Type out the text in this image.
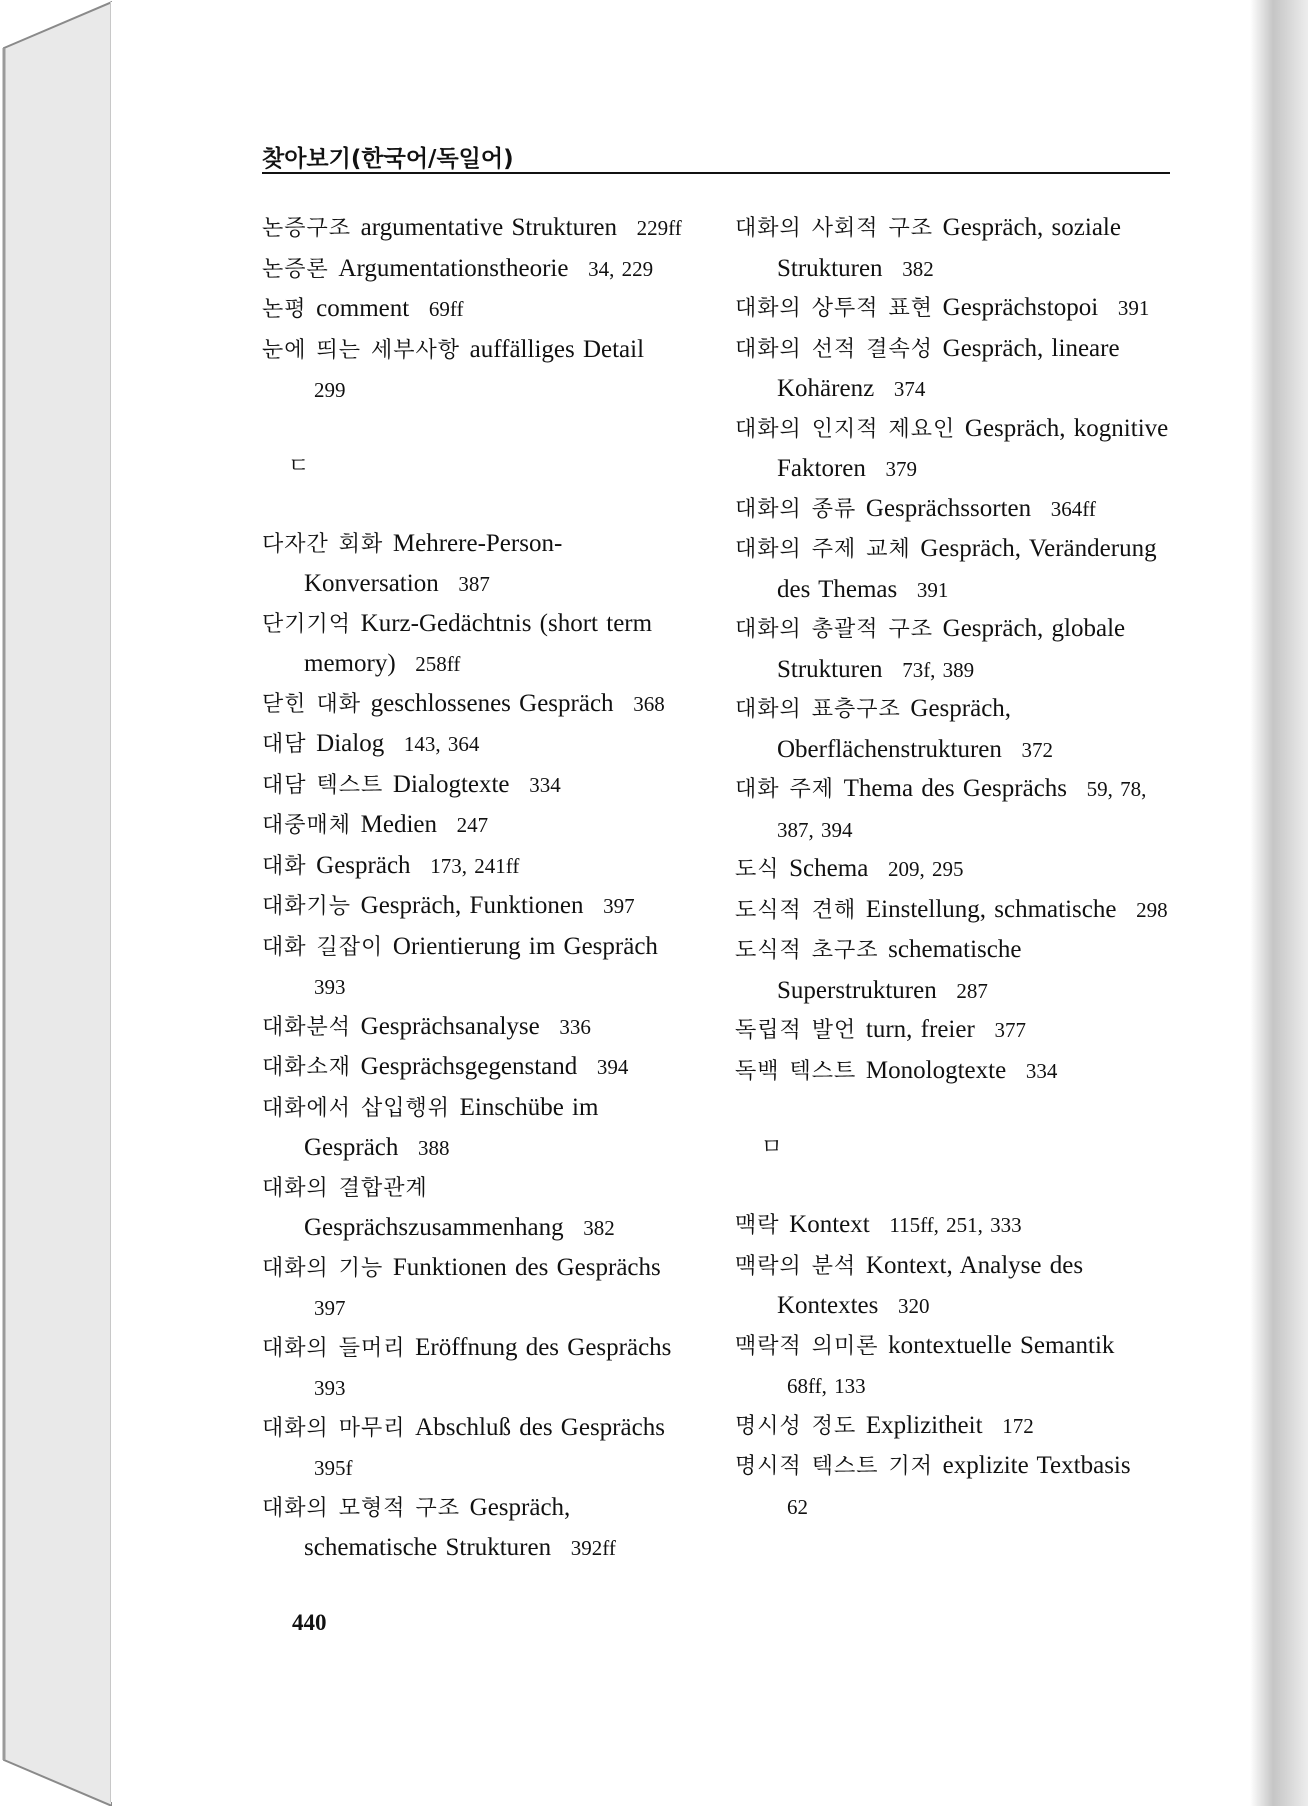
찾아보기(한국어/독일어)
논증구조 argumentative Strukturen 229ff
논증론 Argumentationstheorie 34, 229
논평 comment 69ff
눈에 띄는 세부사항 auffälliges Detail 299
ㄷ
다자간 회화 Mehrere-Person-Konversation 387
단기기억 Kurz-Gedächtnis (short term memory) 258ff
닫힌 대화 geschlossenes Gespräch 368
대담 Dialog 143, 364
대담 텍스트 Dialogtexte 334
대중매체 Medien 247
대화 Gespräch 173, 241ff
대화기능 Gespräch, Funktionen 397
대화 길잡이 Orientierung im Gespräch 393
대화분석 Gesprächsanalyse 336
대화소재 Gesprächsgegenstand 394
대화에서 삽입행위 Einschübe im Gespräch 388
대화의 결합관계 Gesprächszusammenhang 382
대화의 기능 Funktionen des Gesprächs 397
대화의 들머리 Eröffnung des Gesprächs 393
대화의 마무리 Abschluß des Gesprächs 395f
대화의 모형적 구조 Gespräch, schematische Strukturen 392ff
대화의 사회적 구조 Gespräch, soziale Strukturen 382
대화의 상투적 표현 Gesprächstopoi 391
대화의 선적 결속성 Gespräch, lineare Kohärenz 374
대화의 인지적 제요인 Gespräch, kognitive Faktoren 379
대화의 종류 Gesprächssorten 364ff
대화의 주제 교체 Gespräch, Veränderung des Themas 391
대화의 총괄적 구조 Gespräch, globale Strukturen 73f, 389
대화의 표층구조 Gespräch, Oberflächenstrukturen 372
대화 주제 Thema des Gesprächs 59, 78, 387, 394
도식 Schema 209, 295
도식적 견해 Einstellung, schmatische 298
도식적 초구조 schematische Superstrukturen 287
독립적 발언 turn, freier 377
독백 텍스트 Monologtexte 334
ㅁ
맥락 Kontext 115ff, 251, 333
맥락의 분석 Kontext, Analyse des Kontextes 320
맥락적 의미론 kontextuelle Semantik 68ff, 133
명시성 정도 Explizitheit 172
명시적 텍스트 기저 explizite Textbasis 62
440
